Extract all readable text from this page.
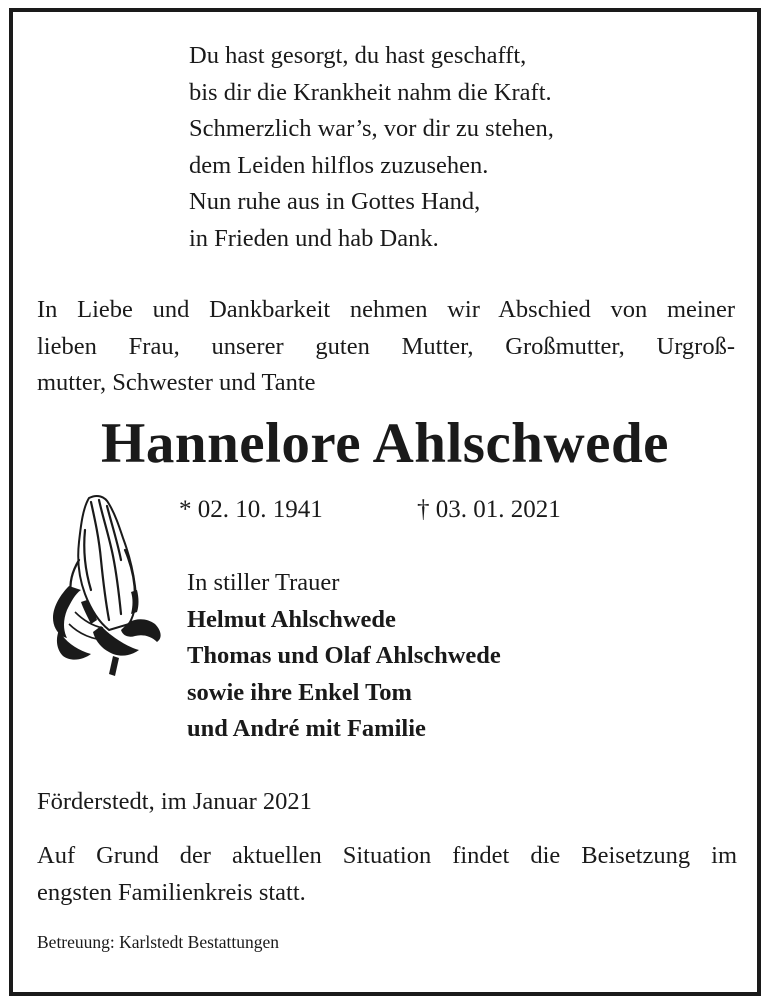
Du hast gesorgt, du hast geschafft,
bis dir die Krankheit nahm die Kraft.
Schmerzlich war’s, vor dir zu stehen,
dem Leiden hilflos zuzusehen.
Nun ruhe aus in Gottes Hand,
in Frieden und hab Dank.
In Liebe und Dankbarkeit nehmen wir Abschied von meiner
lieben Frau, unserer guten Mutter, Großmutter, Urgroß-
mutter, Schwester und Tante
Hannelore Ahlschwede
* 02. 10. 1941	† 03. 01. 2021
In stiller Trauer
Helmut Ahlschwede
Thomas und Olaf Ahlschwede
sowie ihre Enkel Tom
und André mit Familie
Förderstedt, im Januar 2021
Auf Grund der aktuellen Situation findet die Beisetzung im
engsten Familienkreis statt.
Betreuung: Karlstedt Bestattungen
